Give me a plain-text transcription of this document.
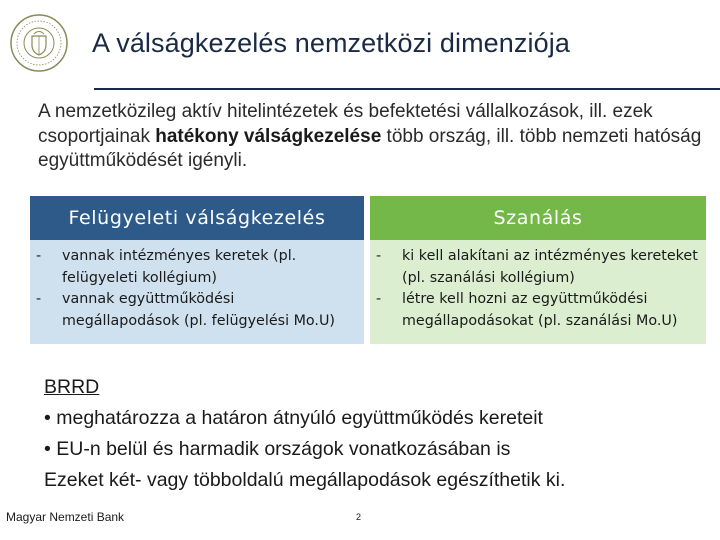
A válságkezelés nemzetközi dimenziója
A nemzetközileg aktív hitelintézetek és befektetési vállalkozások, ill. ezek csoportjainak hatékony válságkezelése több ország, ill. több nemzeti hatóság együttműködését igényli.
Felügyeleti válságkezelés
-	vannak intézményes keretek (pl. felügyeleti kollégium)
-	vannak együttműködési megállapodások (pl. felügyelési Mo.U)
Szanálás
-	ki kell alakítani az intézményes kereteket (pl. szanálási kollégium)
-	létre kell hozni az együttműködési megállapodásokat (pl. szanálási Mo.U)
BRRD
• meghatározza a határon átnyúló együttműködés kereteit
• EU-n belül és harmadik országok vonatkozásában is
Ezeket két- vagy többoldalú megállapodások egészíthetik ki.
Magyar Nemzeti Bank	2
